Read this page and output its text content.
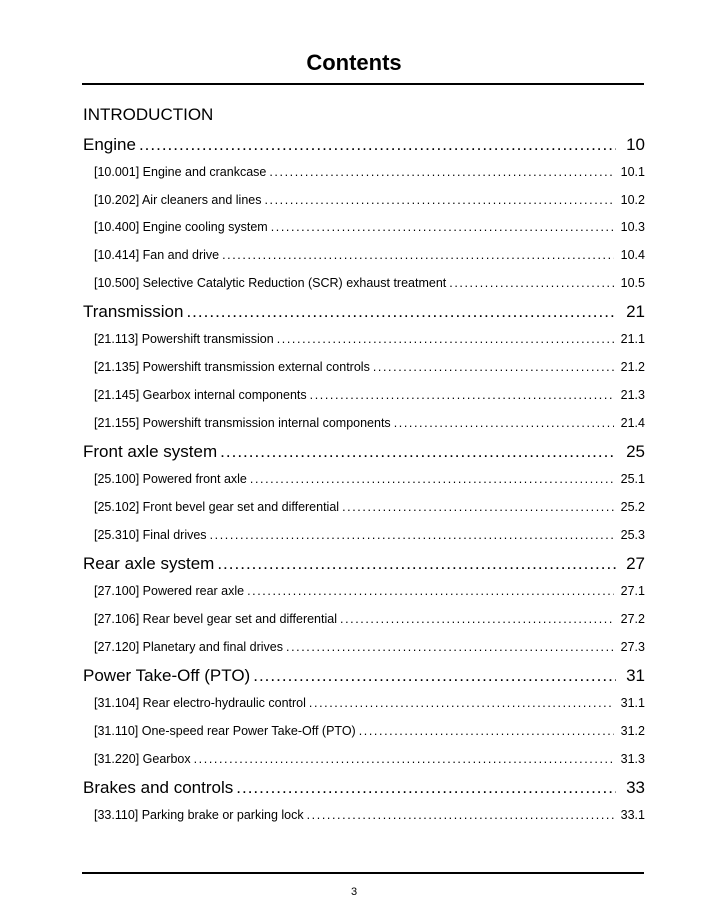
Contents
INTRODUCTION
Engine .....	10
[10.001] Engine and crankcase .....	10.1
[10.202] Air cleaners and lines .....	10.2
[10.400] Engine cooling system .....	10.3
[10.414] Fan and drive .....	10.4
[10.500] Selective Catalytic Reduction (SCR) exhaust treatment .....	10.5
Transmission .....	21
[21.113] Powershift transmission .....	21.1
[21.135] Powershift transmission external controls .....	21.2
[21.145] Gearbox internal components .....	21.3
[21.155] Powershift transmission internal components .....	21.4
Front axle system .....	25
[25.100] Powered front axle .....	25.1
[25.102] Front bevel gear set and differential .....	25.2
[25.310] Final drives .....	25.3
Rear axle system .....	27
[27.100] Powered rear axle .....	27.1
[27.106] Rear bevel gear set and differential .....	27.2
[27.120] Planetary and final drives .....	27.3
Power Take-Off (PTO) .....	31
[31.104] Rear electro-hydraulic control .....	31.1
[31.110] One-speed rear Power Take-Off (PTO) .....	31.2
[31.220] Gearbox .....	31.3
Brakes and controls .....	33
[33.110] Parking brake or parking lock .....	33.1
3
